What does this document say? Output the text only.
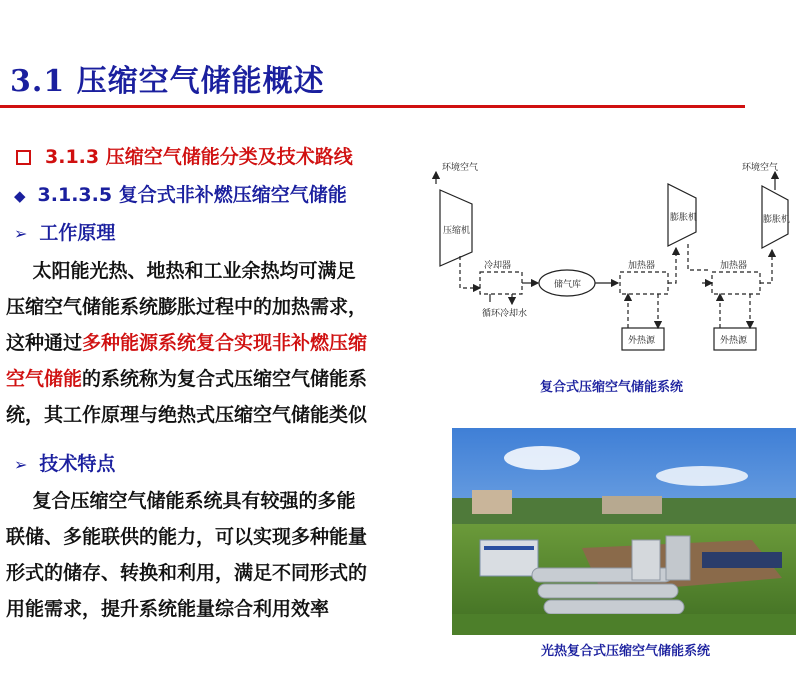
3.1 压缩空气储能概述
3.1.3 压缩空气储能分类及技术路线
◆ 3.1.3.5 复合式非补燃压缩空气储能
➢ 工作原理
太阳能光热、地热和工业余热均可满足
压缩空气储能系统膨胀过程中的加热需求，
这种通过多种能源系统复合实现非补燃压缩
空气储能的系统称为复合式压缩空气储能系
统，其工作原理与绝热式压缩空气储能类似
➢ 技术特点
复合压缩空气储能系统具有较强的多能
联储、多能联供的能力，可以实现多种能量
形式的储存、转换和利用，满足不同形式的
用能需求，提升系统能量综合利用效率
环境空气	环境空气
压缩机
冷却器
循环冷却水
储气库
加热器
膨胀机
加热器
膨胀机
外热源	外热源
复合式压缩空气储能系统
光热复合式压缩空气储能系统
